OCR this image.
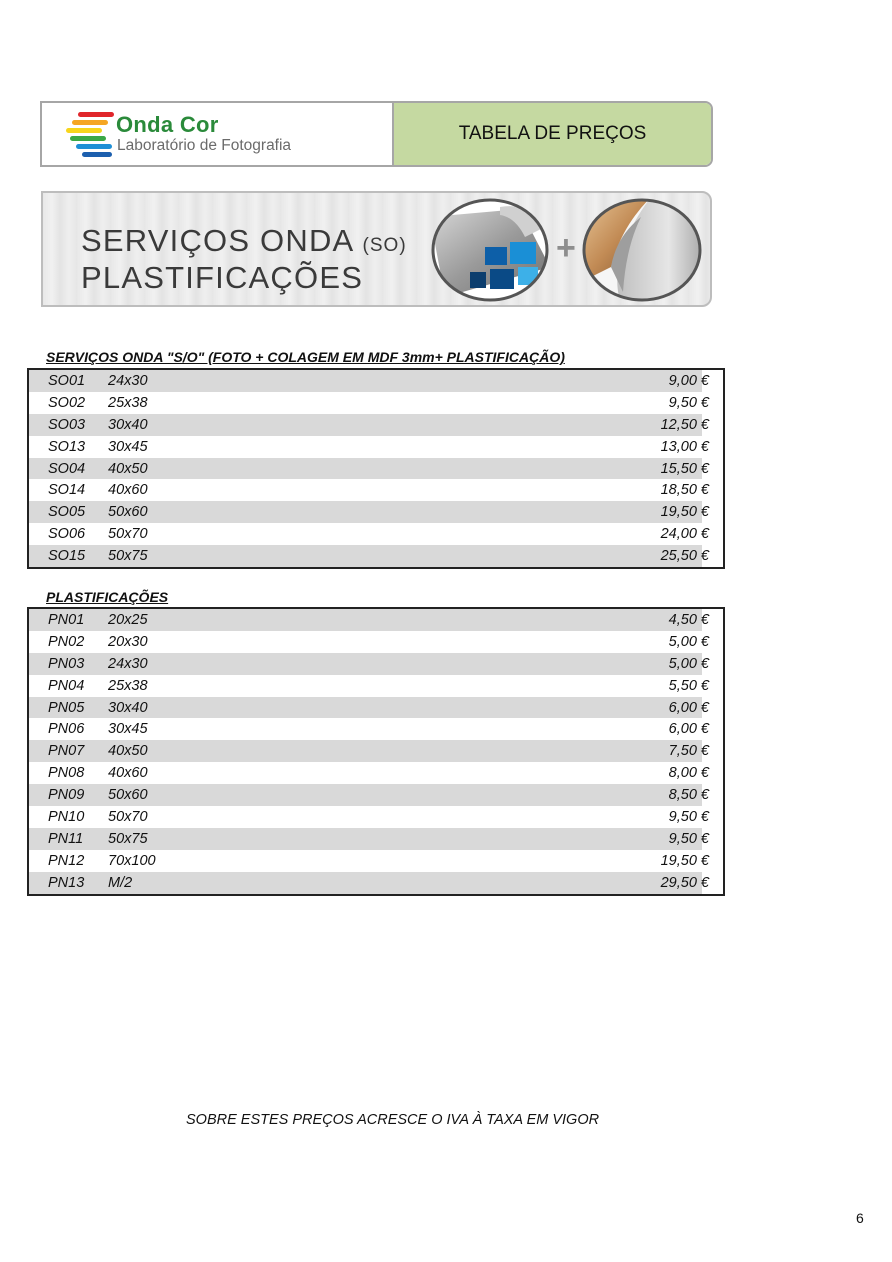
Onda Cor
Laboratório de Fotografia
TABELA DE PREÇOS
SERVIÇOS ONDA (SO)
PLASTIFICAÇÕES
+
SERVIÇOS ONDA "S/O" (FOTO + COLAGEM EM MDF 3mm+ PLASTIFICAÇÃO)
SO01	24x30	9,00 €
SO02	25x38	9,50 €
SO03	30x40	12,50 €
SO13	30x45	13,00 €
SO04	40x50	15,50 €
SO14	40x60	18,50 €
SO05	50x60	19,50 €
SO06	50x70	24,00 €
SO15	50x75	25,50 €
PLASTIFICAÇÕES
PN01	20x25	4,50 €
PN02	20x30	5,00 €
PN03	24x30	5,00 €
PN04	25x38	5,50 €
PN05	30x40	6,00 €
PN06	30x45	6,00 €
PN07	40x50	7,50 €
PN08	40x60	8,00 €
PN09	50x60	8,50 €
PN10	50x70	9,50 €
PN11	50x75	9,50 €
PN12	70x100	19,50 €
PN13	M/2	29,50 €
SOBRE ESTES PREÇOS ACRESCE O IVA À TAXA EM VIGOR
6
